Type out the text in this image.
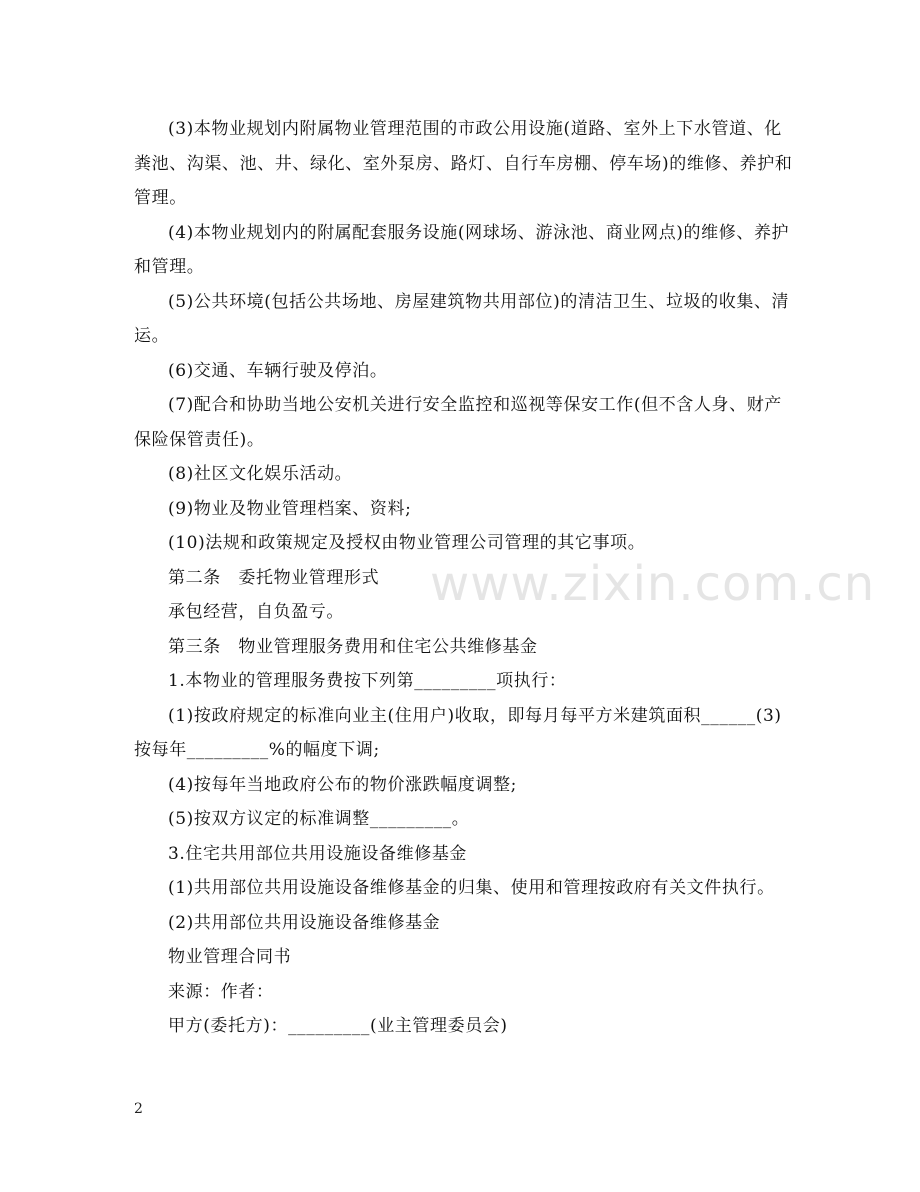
(3)本物业规划内附属物业管理范围的市政公用设施(道路、室外上下水管道、化粪池、沟渠、池、井、绿化、室外泵房、路灯、自行车房棚、停车场)的维修、养护和管理。

(4)本物业规划内的附属配套服务设施(网球场、游泳池、商业网点)的维修、养护和管理。

(5)公共环境(包括公共场地、房屋建筑物共用部位)的清洁卫生、垃圾的收集、清运。

(6)交通、车辆行驶及停泊。

(7)配合和协助当地公安机关进行安全监控和巡视等保安工作(但不含人身、财产保险保管责任)。

(8)社区文化娱乐活动。

(9)物业及物业管理档案、资料;

(10)法规和政策规定及授权由物业管理公司管理的其它事项。

第二条　委托物业管理形式

承包经营，自负盈亏。

第三条　物业管理服务费用和住宅公共维修基金

1.本物业的管理服务费按下列第_________项执行：

(1)按政府规定的标准向业主(住用户)收取，即每月每平方米建筑面积______(3)按每年_________%的幅度下调;

(4)按每年当地政府公布的物价涨跌幅度调整;

(5)按双方议定的标准调整_________。

3.住宅共用部位共用设施设备维修基金

(1)共用部位共用设施设备维修基金的归集、使用和管理按政府有关文件执行。

(2)共用部位共用设施设备维修基金

物业管理合同书

来源：作者：

甲方(委托方)：_________(业主管理委员会)

www.zixin.com.cn
2
